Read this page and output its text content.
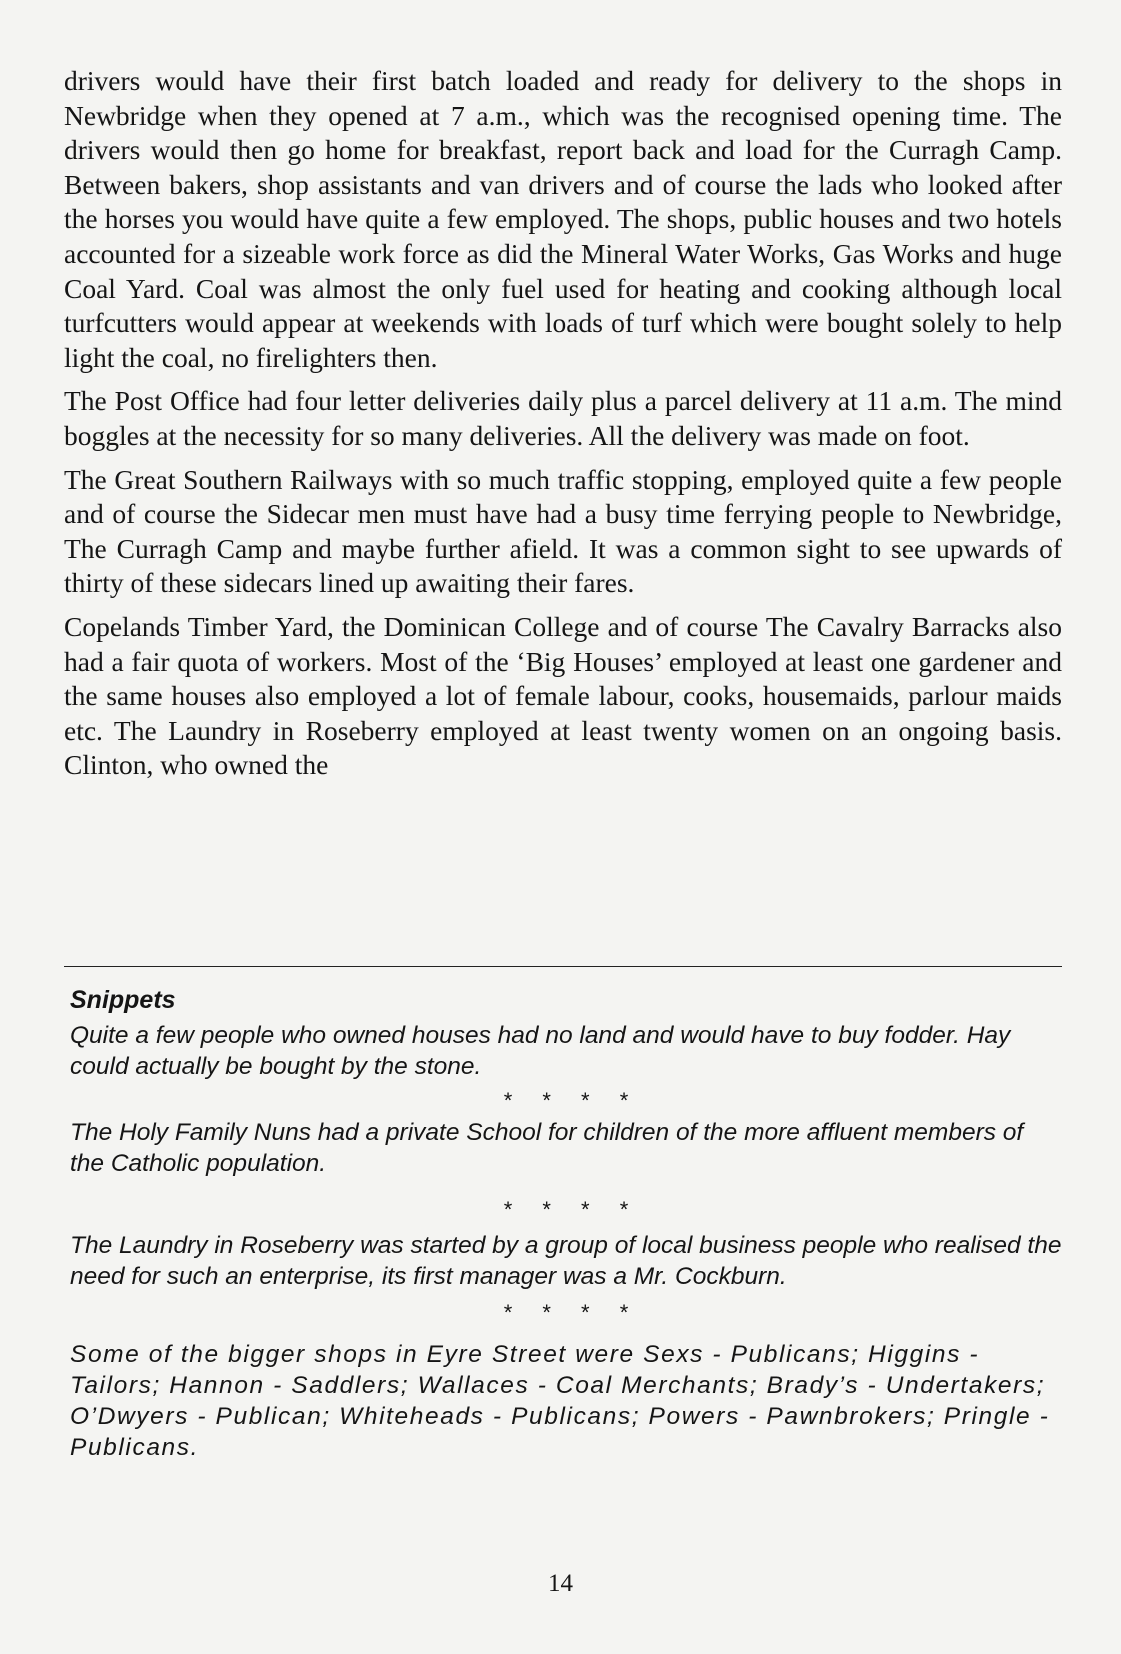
drivers would have their first batch loaded and ready for delivery to the shops in Newbridge when they opened at 7 a.m., which was the recognised opening time. The drivers would then go home for breakfast, report back and load for the Curragh Camp. Between bakers, shop assistants and van drivers and of course the lads who looked after the horses you would have quite a few employed. The shops, public houses and two hotels accounted for a sizeable work force as did the Mineral Water Works, Gas Works and huge Coal Yard. Coal was almost the only fuel used for heating and cooking although local turfcutters would appear at weekends with loads of turf which were bought solely to help light the coal, no firelighters then.

The Post Office had four letter deliveries daily plus a parcel delivery at 11 a.m. The mind boggles at the necessity for so many deliveries. All the delivery was made on foot.

The Great Southern Railways with so much traffic stopping, employed quite a few people and of course the Sidecar men must have had a busy time ferrying people to Newbridge, The Curragh Camp and maybe further afield. It was a common sight to see upwards of thirty of these sidecars lined up awaiting their fares.

Copelands Timber Yard, the Dominican College and of course The Cavalry Barracks also had a fair quota of workers. Most of the ‘Big Houses’ employed at least one gardener and the same houses also employed a lot of female labour, cooks, housemaids, parlour maids etc. The Laundry in Roseberry employed at least twenty women on an ongoing basis. Clinton, who owned the

Snippets

Quite a few people who owned houses had no land and would have to buy fodder. Hay could actually be bought by the stone.

* * * *

The Holy Family Nuns had a private School for children of the more affluent members of the Catholic population.

* * * *

The Laundry in Roseberry was started by a group of local business people who realised the need for such an enterprise, its first manager was a Mr. Cockburn.

* * * *

Some of the bigger shops in Eyre Street were Sexs - Publicans; Higgins - Tailors; Hannon - Saddlers; Wallaces - Coal Merchants; Brady’s - Undertakers; O’Dwyers - Publican; Whiteheads - Publicans; Powers - Pawnbrokers; Pringle - Publicans.

14
